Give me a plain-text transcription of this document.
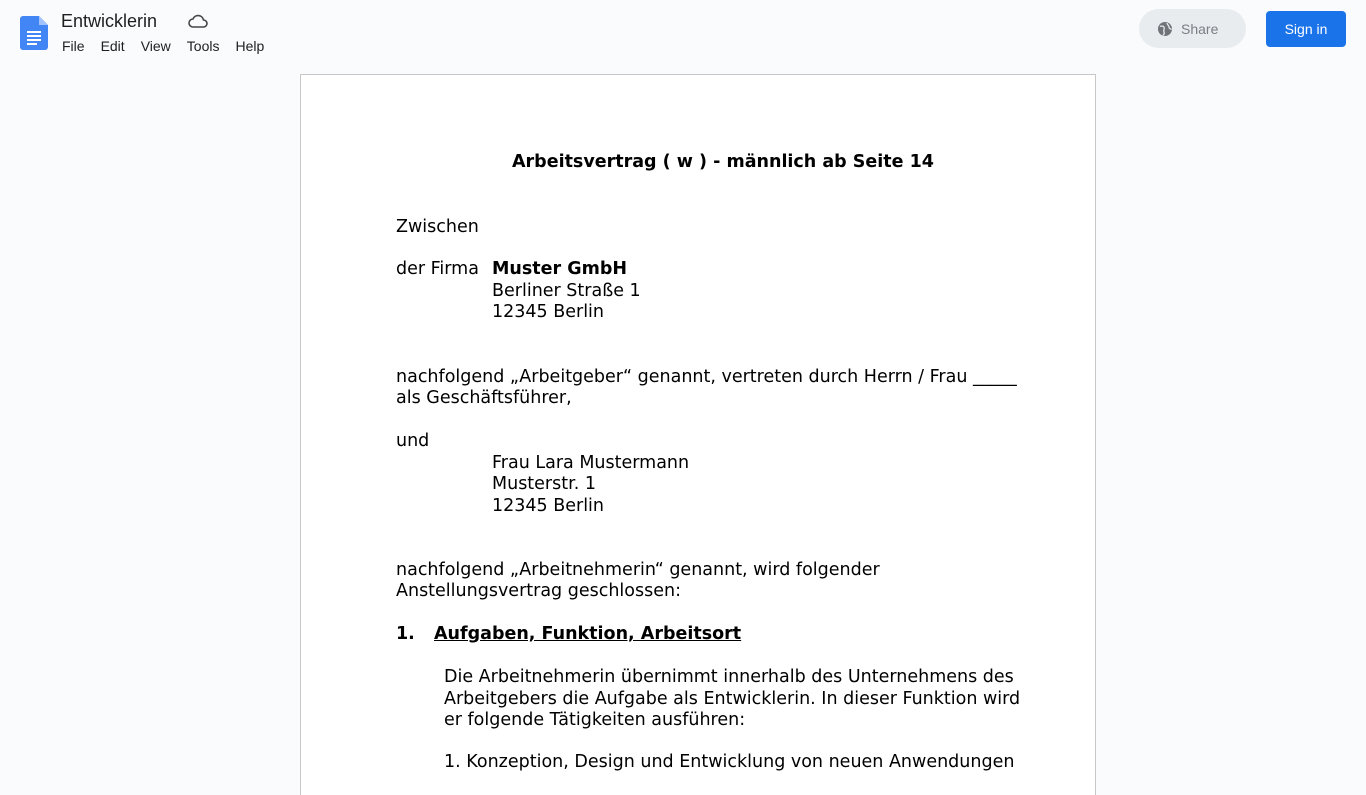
Entwicklerin
File	Edit	View	Tools	Help
Share	Sign in
Arbeitsvertrag ( w ) - männlich ab Seite 14
Zwischen
der Firma Muster GmbH
Berliner Straße 1
12345 Berlin
nachfolgend „Arbeitgeber“ genannt, vertreten durch Herrn / Frau _____
als Geschäftsführer,
und
Frau Lara Mustermann
Musterstr. 1
12345 Berlin
nachfolgend „Arbeitnehmerin“ genannt, wird folgender
Anstellungsvertrag geschlossen:
1. Aufgaben, Funktion, Arbeitsort
Die Arbeitnehmerin übernimmt innerhalb des Unternehmens des
Arbeitgebers die Aufgabe als Entwicklerin. In dieser Funktion wird
er folgende Tätigkeiten ausführen:
1. Konzeption, Design und Entwicklung von neuen Anwendungen
